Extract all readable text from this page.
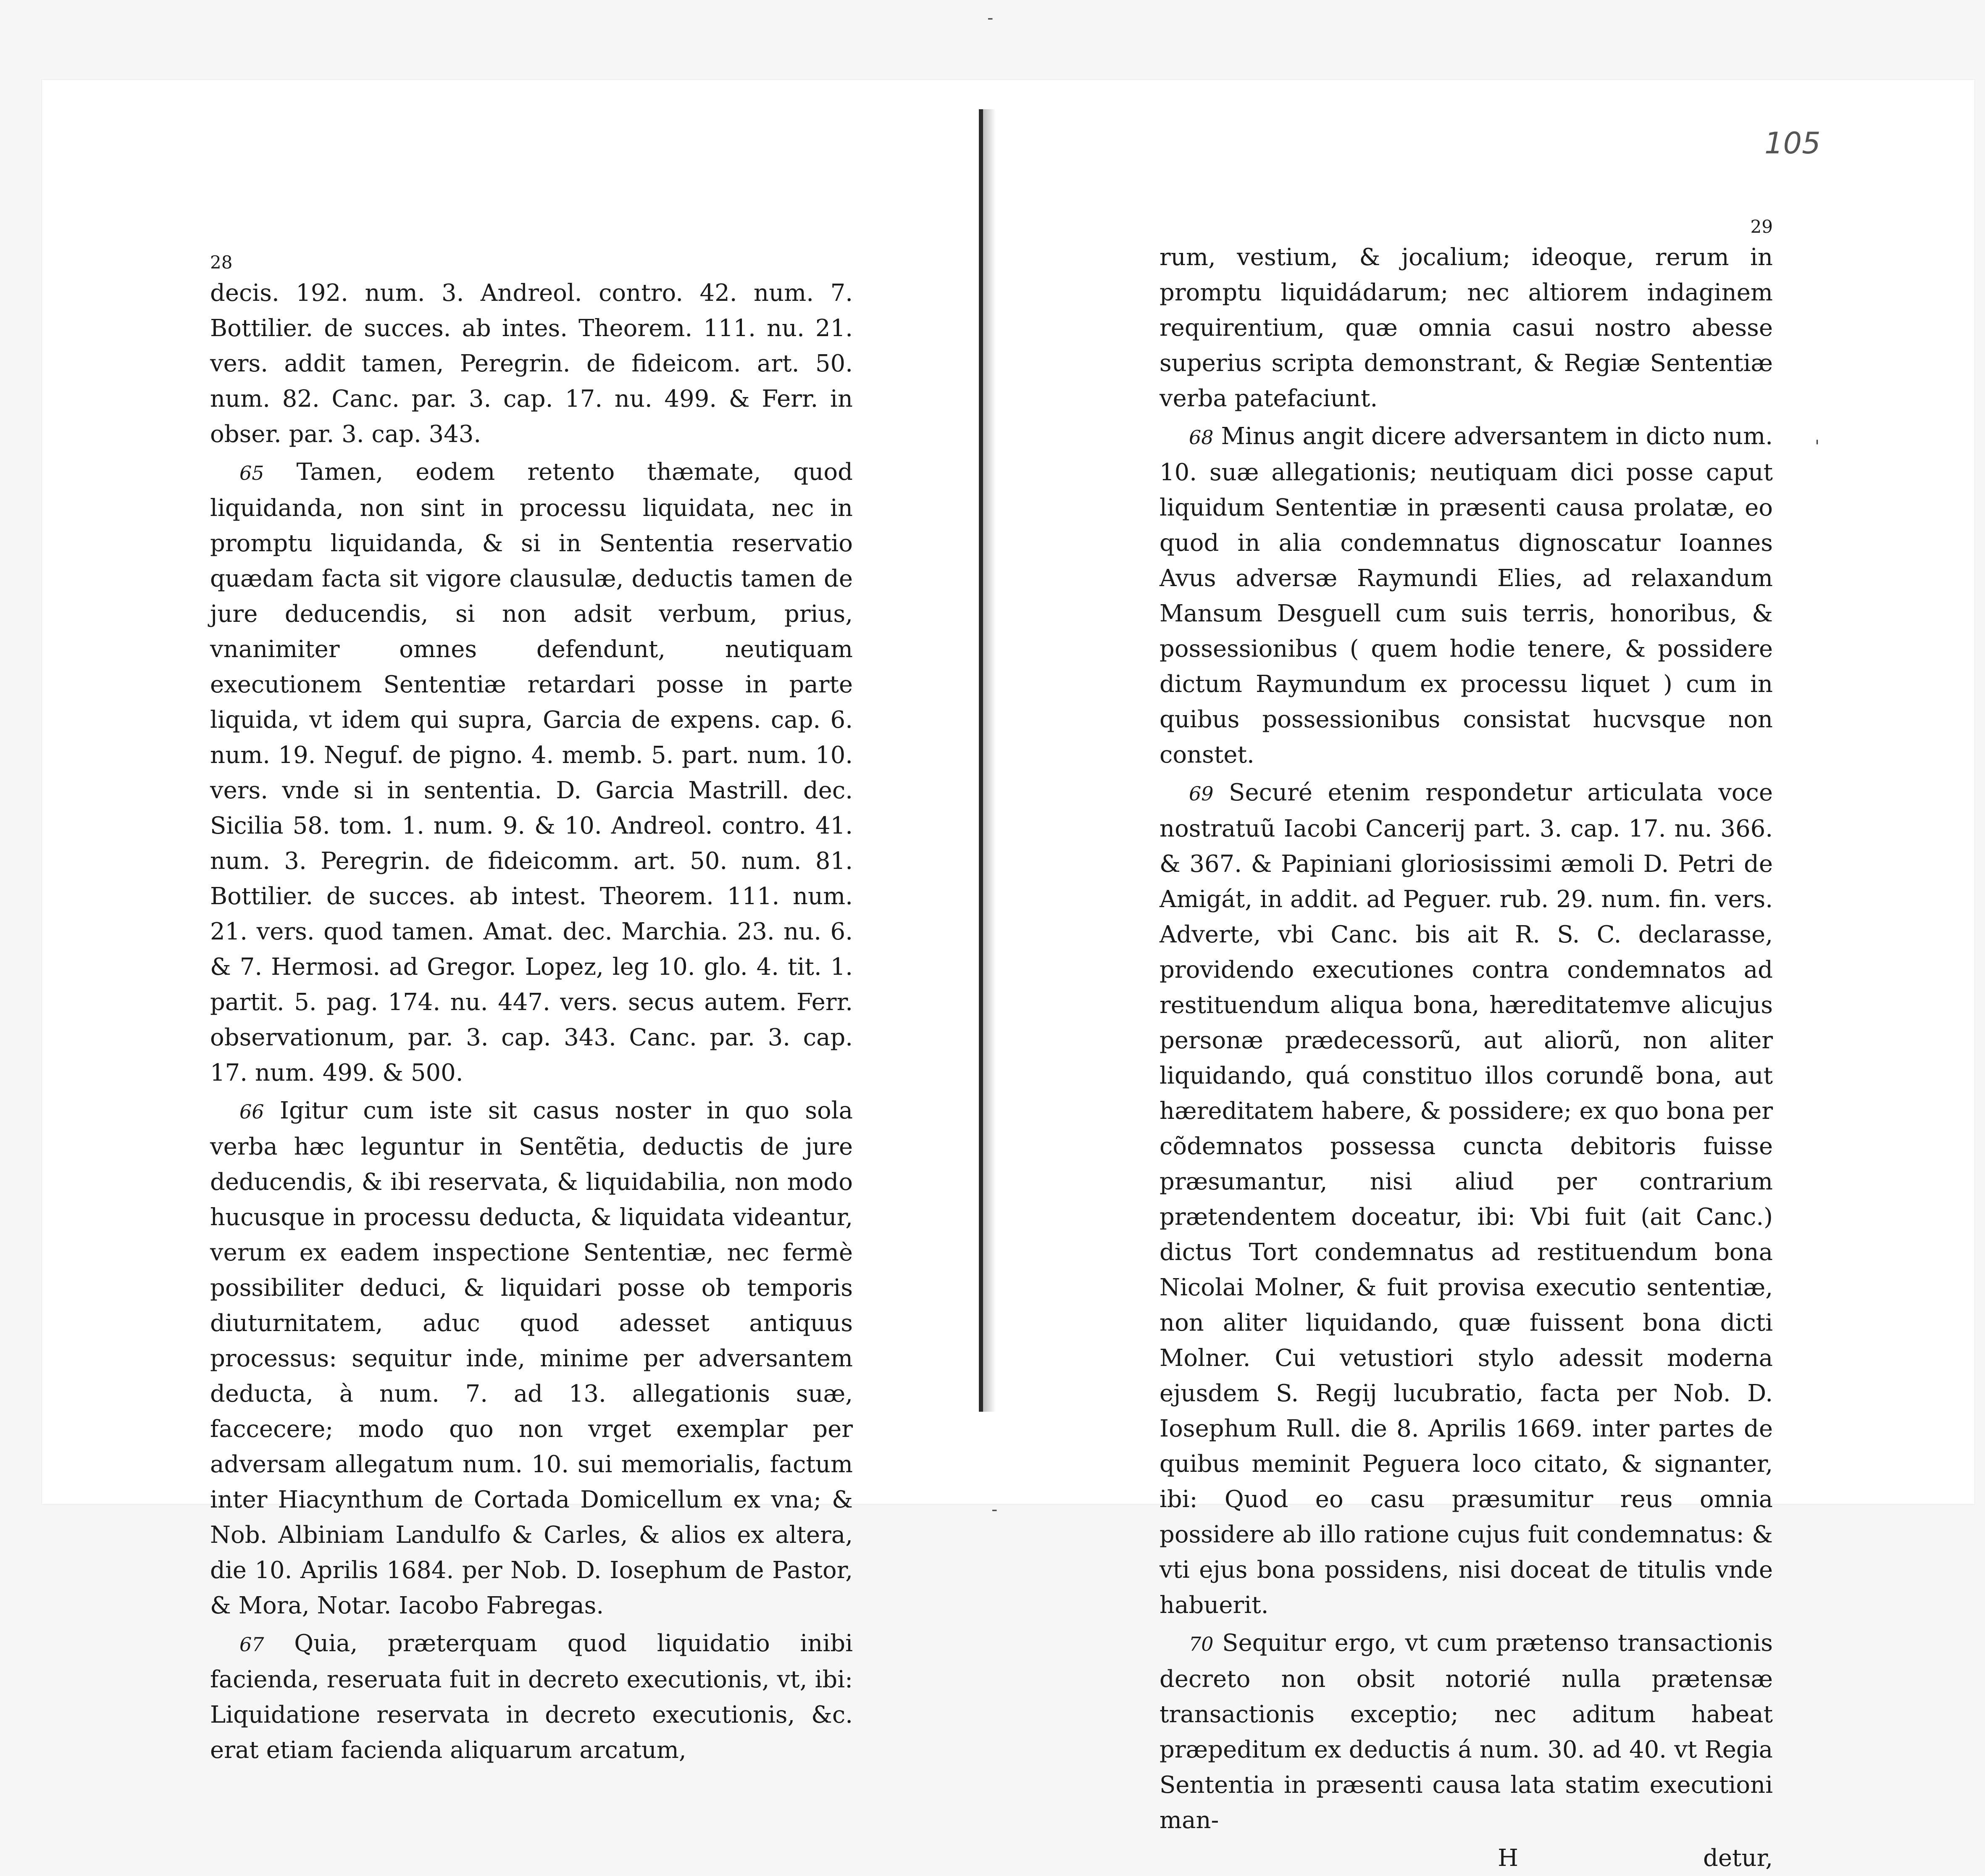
-
-
'
105
28

decis. 192. num. 3. Andreol. contro. 42. num. 7. Bottilier. de succes. ab intes. Theorem. 111. nu. 21. vers. addit tamen, Peregrin. de fideicom. art. 50. num. 82. Canc. par. 3. cap. 17. nu. 499. & Ferr. in obser. par. 3. cap. 343.

65 Tamen, eodem retento thæmate, quod liquidanda, non sint in processu liquidata, nec in promptu liquidanda, & si in Sententia reservatio quædam facta sit vigore clausulæ, deductis tamen de jure deducendis, si non adsit verbum, prius, vnanimiter omnes defendunt, neutiquam executionem Sententiæ retardari posse in parte liquida, vt idem qui supra, Garcia de expens. cap. 6. num. 19. Neguf. de pigno. 4. memb. 5. part. num. 10. vers. vnde si in sententia. D. Garcia Mastrill. dec. Sicilia 58. tom. 1. num. 9. & 10. Andreol. contro. 41. num. 3. Peregrin. de fideicomm. art. 50. num. 81. Bottilier. de succes. ab intest. Theorem. 111. num. 21. vers. quod tamen. Amat. dec. Marchia. 23. nu. 6. & 7. Hermosi. ad Gregor. Lopez, leg 10. glo. 4. tit. 1. partit. 5. pag. 174. nu. 447. vers. secus autem. Ferr. observationum, par. 3. cap. 343. Canc. par. 3. cap. 17. num. 499. & 500.

66 Igitur cum iste sit casus noster in quo sola verba hæc leguntur in Sentẽtia, deductis de jure deducendis, & ibi reservata, & liquidabilia, non modo hucusque in processu deducta, & liquidata videantur, verum ex eadem inspectione Sententiæ, nec fermè possibiliter deduci, & liquidari posse ob temporis diuturnitatem, aduc quod adesset antiquus processus: sequitur inde, minime per adversantem deducta, à num. 7. ad 13. allegationis suæ, faccecere; modo quo non vrget exemplar per adversam allegatum num. 10. sui memorialis, factum inter Hiacynthum de Cortada Domicellum ex vna; & Nob. Albiniam Landulfo & Carles, & alios ex altera, die 10. Aprilis 1684. per Nob. D. Iosephum de Pastor, & Mora, Notar. Iacobo Fabregas.

67 Quia, præterquam quod liquidatio inibi facienda, reseruata fuit in decreto executionis, vt, ibi: Liquidatione reservata in decreto executionis, &c. erat etiam facienda aliquarum arcatum,

29

rum, vestium, & jocalium; ideoque, rerum in promptu liquidádarum; nec altiorem indaginem requirentium, quæ omnia casui nostro abesse superius scripta demonstrant, & Regiæ Sententiæ verba patefaciunt.

68 Minus angit dicere adversantem in dicto num. 10. suæ allegationis; neutiquam dici posse caput liquidum Sententiæ in præsenti causa prolatæ, eo quod in alia condemnatus dignoscatur Ioannes Avus adversæ Raymundi Elies, ad relaxandum Mansum Desguell cum suis terris, honoribus, & possessionibus ( quem hodie tenere, & possidere dictum Raymundum ex processu liquet ) cum in quibus possessionibus consistat hucvsque non constet.

69 Securé etenim respondetur articulata voce nostratuũ Iacobi Cancerij part. 3. cap. 17. nu. 366. & 367. & Papiniani gloriosissimi æmoli D. Petri de Amigát, in addit. ad Peguer. rub. 29. num. fin. vers. Adverte, vbi Canc. bis ait R. S. C. declarasse, providendo executiones contra condemnatos ad restituendum aliqua bona, hæreditatemve alicujus personæ prædecessorũ, aut aliorũ, non aliter liquidando, quá constituo illos corundẽ bona, aut hæreditatem habere, & possidere; ex quo bona per cõdemnatos possessa cuncta debitoris fuisse præsumantur, nisi aliud per contrarium prætendentem doceatur, ibi: Vbi fuit (ait Canc.) dictus Tort condemnatus ad restituendum bona Nicolai Molner, & fuit provisa executio sententiæ, non aliter liquidando, quæ fuissent bona dicti Molner. Cui vetustiori stylo adessit moderna ejusdem S. Regij lucubratio, facta per Nob. D. Iosephum Rull. die 8. Aprilis 1669. inter partes de quibus meminit Peguera loco citato, & signanter, ibi: Quod eo casu præsumitur reus omnia possidere ab illo ratione cujus fuit condemnatus: & vti ejus bona possidens, nisi doceat de titulis vnde habuerit.

70 Sequitur ergo, vt cum prætenso transactionis decreto non obsit notorié nulla prætensæ transactionis exceptio; nec aditum habeat præpeditum ex deductis á num. 30. ad 40. vt Regia Sententia in præsenti causa lata statim executioni man-

H	detur,
